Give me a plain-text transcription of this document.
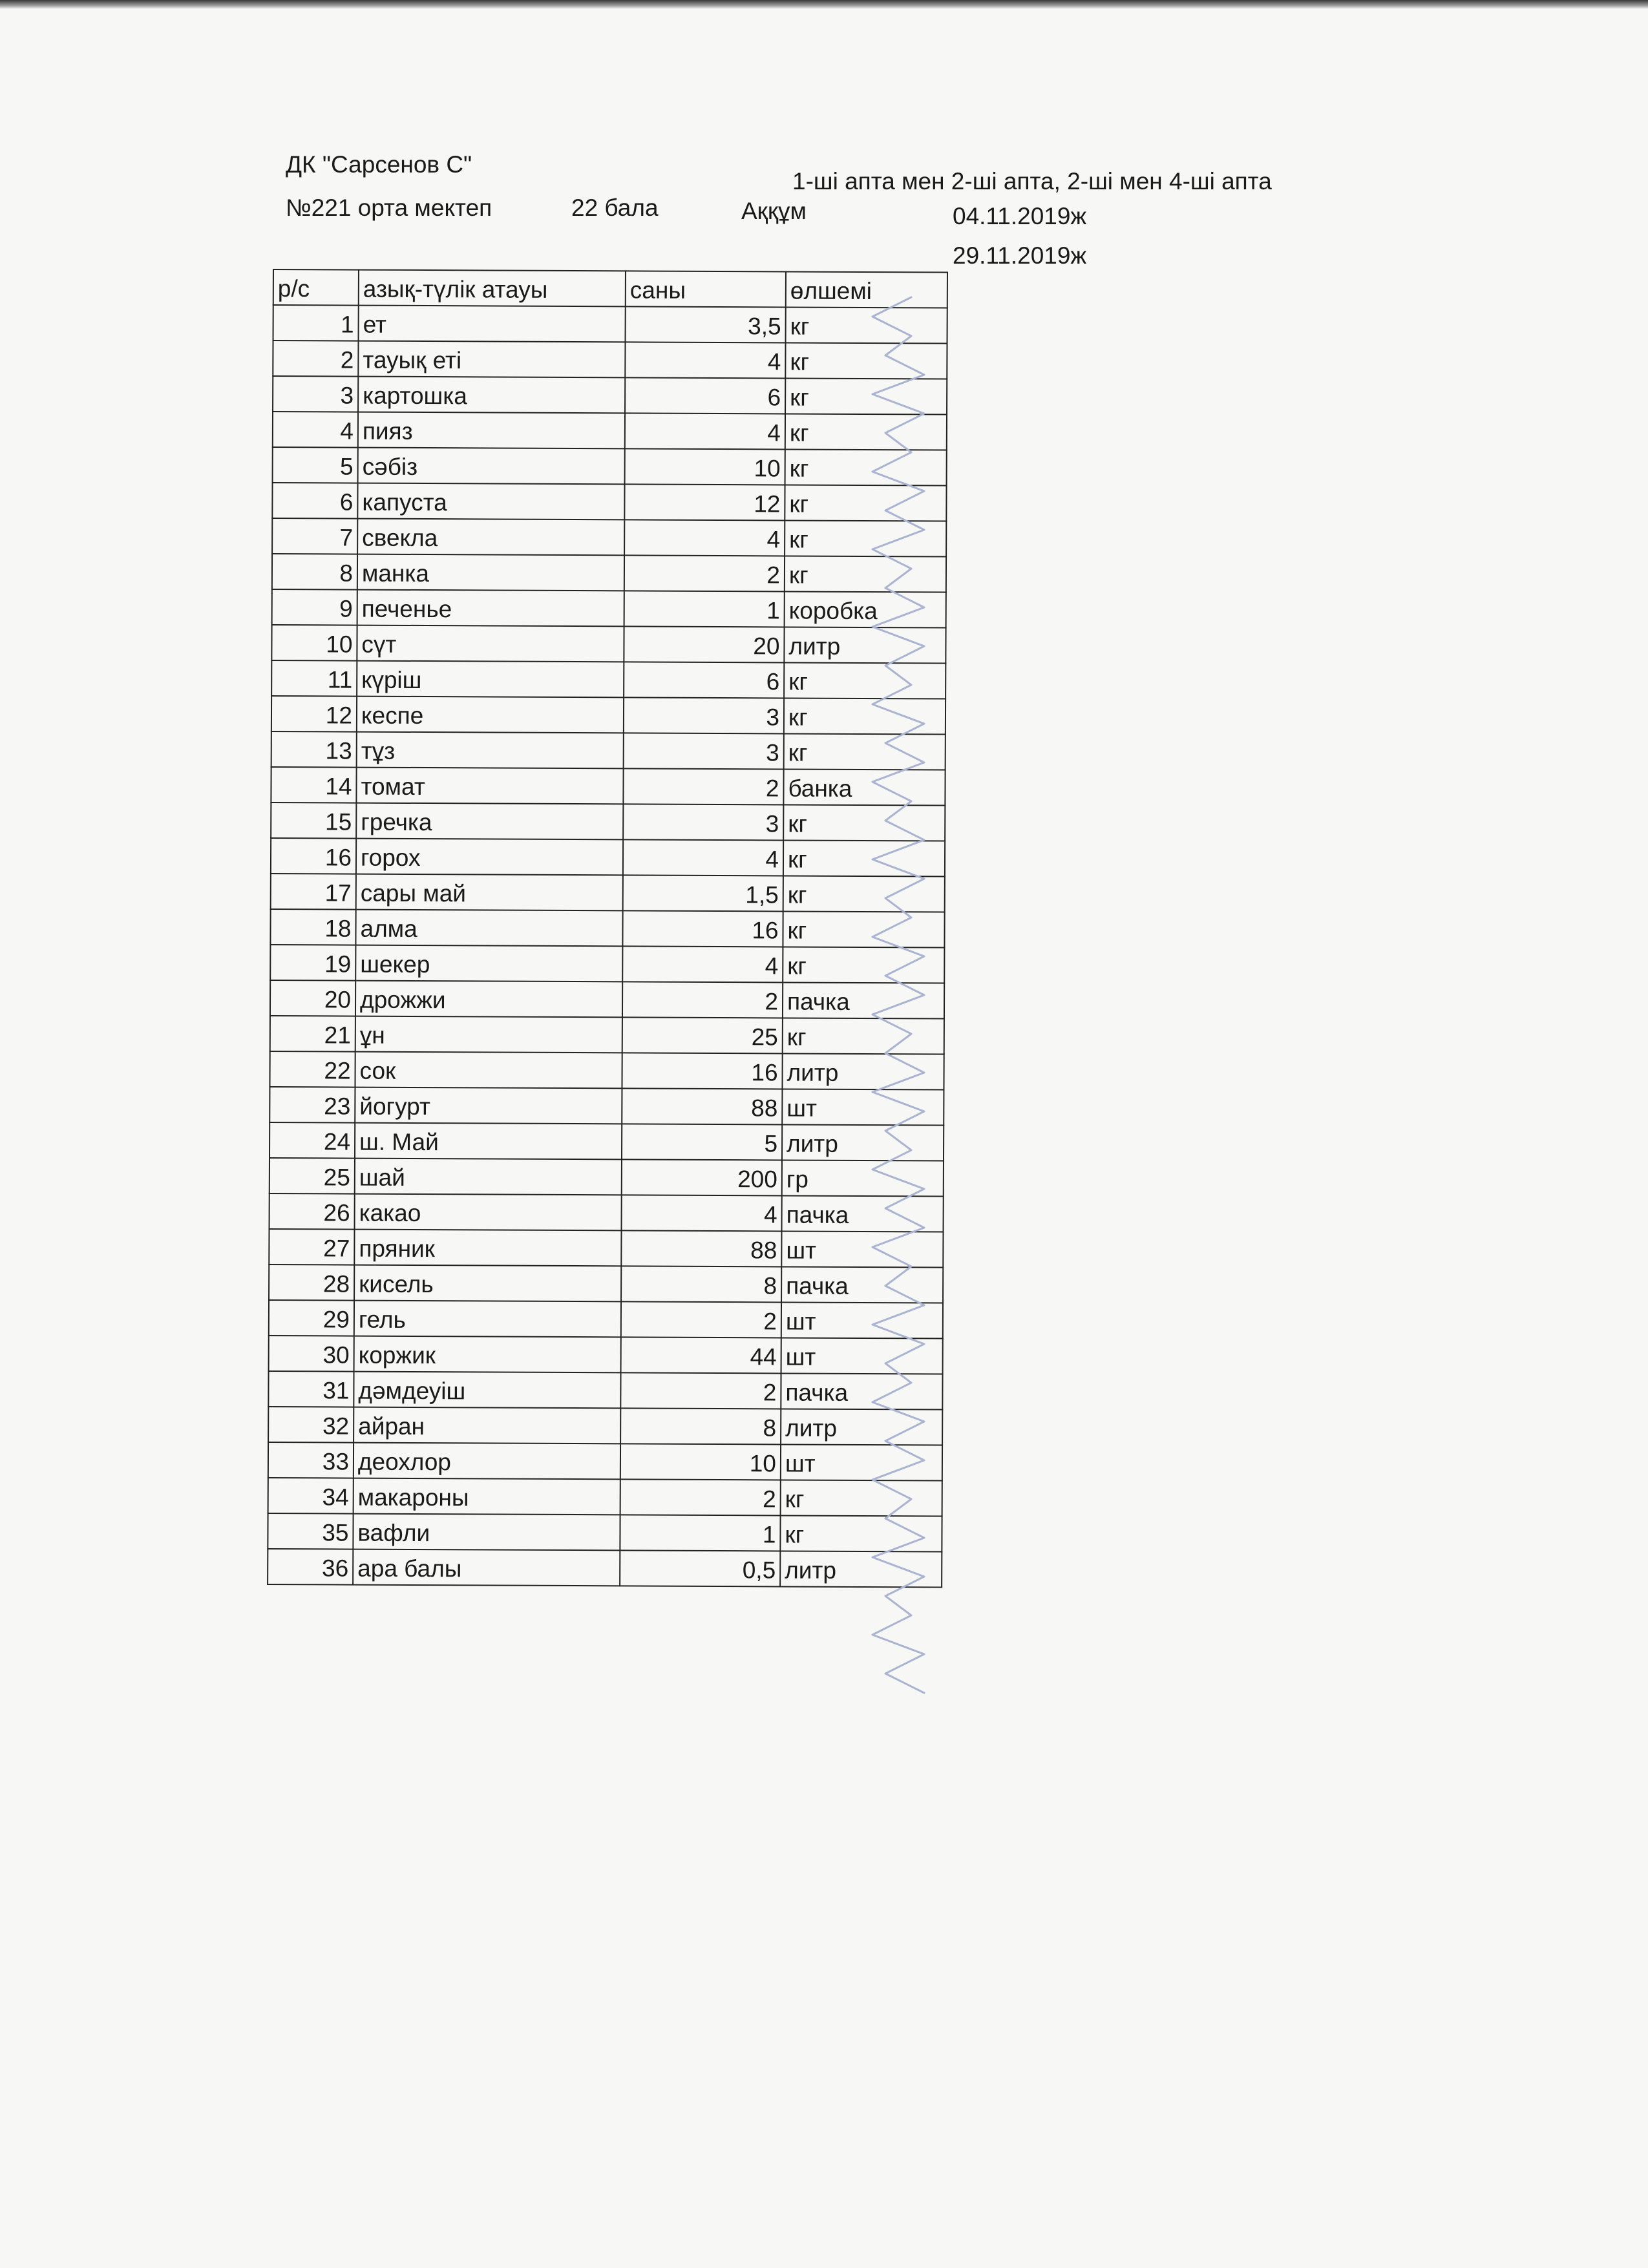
ДК "Сарсенов С"
1-ші апта мен 2-ші апта, 2-ші мен 4-ші апта
№221 орта мектеп	22 бала	Аққұм	04.11.2019ж
29.11.2019ж
р/с	азық-түлік атауы	саны	өлшемі
1	ет	3,5	кг
2	тауық еті	4	кг
3	картошка	6	кг
4	пияз	4	кг
5	сәбіз	10	кг
6	капуста	12	кг
7	свекла	4	кг
8	манка	2	кг
9	печенье	1	коробка
10	сүт	20	литр
11	күріш	6	кг
12	кеспе	3	кг
13	тұз	3	кг
14	томат	2	банка
15	гречка	3	кг
16	горох	4	кг
17	сары май	1,5	кг
18	алма	16	кг
19	шекер	4	кг
20	дрожжи	2	пачка
21	ұн	25	кг
22	сок	16	литр
23	йогурт	88	шт
24	ш. Май	5	литр
25	шай	200	гр
26	какао	4	пачка
27	пряник	88	шт
28	кисель	8	пачка
29	гель	2	шт
30	коржик	44	шт
31	дәмдеуіш	2	пачка
32	айран	8	литр
33	деохлор	10	шт
34	макароны	2	кг
35	вафли	1	кг
36	ара балы	0,5	литр
